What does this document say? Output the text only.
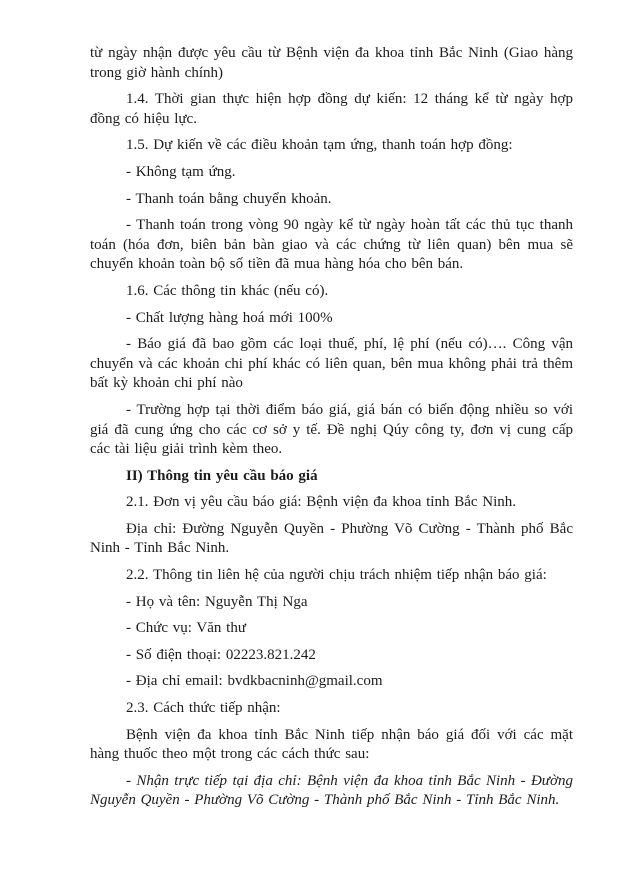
từ ngày nhận được yêu cầu từ Bệnh viện đa khoa tỉnh Bắc Ninh (Giao hàng trong giờ hành chính)

1.4. Thời gian thực hiện hợp đồng dự kiến: 12 tháng kể từ ngày hợp đồng có hiệu lực.

1.5. Dự kiến về các điều khoản tạm ứng, thanh toán hợp đồng:

- Không tạm ứng.

- Thanh toán bằng chuyển khoản.

- Thanh toán trong vòng 90 ngày kể từ ngày hoàn tất các thủ tục thanh toán (hóa đơn, biên bản bàn giao và các chứng từ liên quan) bên mua sẽ chuyển khoản toàn bộ số tiền đã mua hàng hóa cho bên bán.

1.6. Các thông tin khác (nếu có).

- Chất lượng hàng hoá mới 100%

- Báo giá đã bao gồm các loại thuế, phí, lệ phí (nếu có)…. Công vận chuyển và các khoản chi phí khác có liên quan, bên mua không phải trả thêm bất kỳ khoản chi phí nào

- Trường hợp tại thời điểm báo giá, giá bán có biến động nhiều so với giá đã cung ứng cho các cơ sở y tế. Đề nghị Qúy công ty, đơn vị cung cấp các tài liệu giải trình kèm theo.

II) Thông tin yêu cầu báo giá

2.1. Đơn vị yêu cầu báo giá: Bệnh viện đa khoa tỉnh Bắc Ninh.

Địa chỉ: Đường Nguyễn Quyền - Phường Võ Cường - Thành phố Bắc Ninh - Tỉnh Bắc Ninh.

2.2. Thông tin liên hệ của người chịu trách nhiệm tiếp nhận báo giá:

- Họ và tên: Nguyễn Thị Nga

- Chức vụ: Văn thư

- Số điện thoại: 02223.821.242

- Địa chỉ email: bvdkbacninh@gmail.com

2.3. Cách thức tiếp nhận:

Bệnh viện đa khoa tỉnh Bắc Ninh tiếp nhận báo giá đối với các mặt hàng thuốc theo một trong các cách thức sau:

- Nhận trực tiếp tại địa chỉ: Bệnh viện đa khoa tỉnh Bắc Ninh - Đường Nguyễn Quyền - Phường Võ Cường - Thành phố Bắc Ninh - Tỉnh Bắc Ninh.
